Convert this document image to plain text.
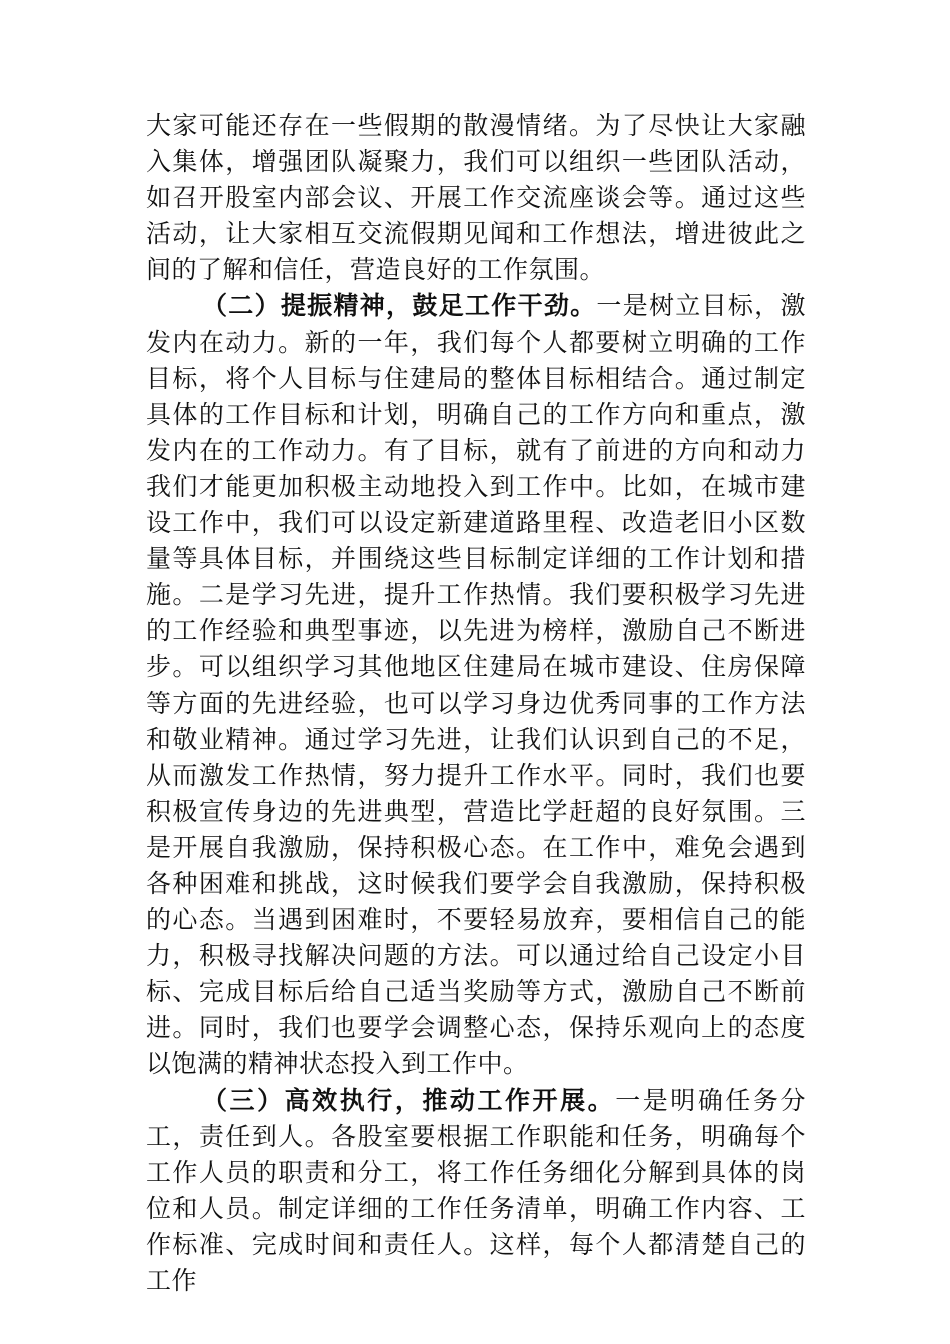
大家可能还存在一些假期的散漫情绪。为了尽快让大家融入集体，增强团队凝聚力，我们可以组织一些团队活动，如召开股室内部会议、开展工作交流座谈会等。通过这些活动，让大家相互交流假期见闻和工作想法，增进彼此之间的了解和信任，营造良好的工作氛围。

（二）提振精神，鼓足工作干劲。一是树立目标，激发内在动力。新的一年，我们每个人都要树立明确的工作目标，将个人目标与住建局的整体目标相结合。通过制定具体的工作目标和计划，明确自己的工作方向和重点，激发内在的工作动力。有了目标，就有了前进的方向和动力我们才能更加积极主动地投入到工作中。比如，在城市建设工作中，我们可以设定新建道路里程、改造老旧小区数量等具体目标，并围绕这些目标制定详细的工作计划和措施。二是学习先进，提升工作热情。我们要积极学习先进的工作经验和典型事迹，以先进为榜样，激励自己不断进步。可以组织学习其他地区住建局在城市建设、住房保障等方面的先进经验，也可以学习身边优秀同事的工作方法和敬业精神。通过学习先进，让我们认识到自己的不足，从而激发工作热情，努力提升工作水平。同时，我们也要积极宣传身边的先进典型，营造比学赶超的良好氛围。三是开展自我激励，保持积极心态。在工作中，难免会遇到各种困难和挑战，这时候我们要学会自我激励，保持积极的心态。当遇到困难时，不要轻易放弃，要相信自己的能力，积极寻找解决问题的方法。可以通过给自己设定小目标、完成目标后给自己适当奖励等方式，激励自己不断前进。同时，我们也要学会调整心态，保持乐观向上的态度以饱满的精神状态投入到工作中。

（三）高效执行，推动工作开展。一是明确任务分工，责任到人。各股室要根据工作职能和任务，明确每个工作人员的职责和分工，将工作任务细化分解到具体的岗位和人员。制定详细的工作任务清单，明确工作内容、工作标准、完成时间和责任人。这样，每个人都清楚自己的工作
